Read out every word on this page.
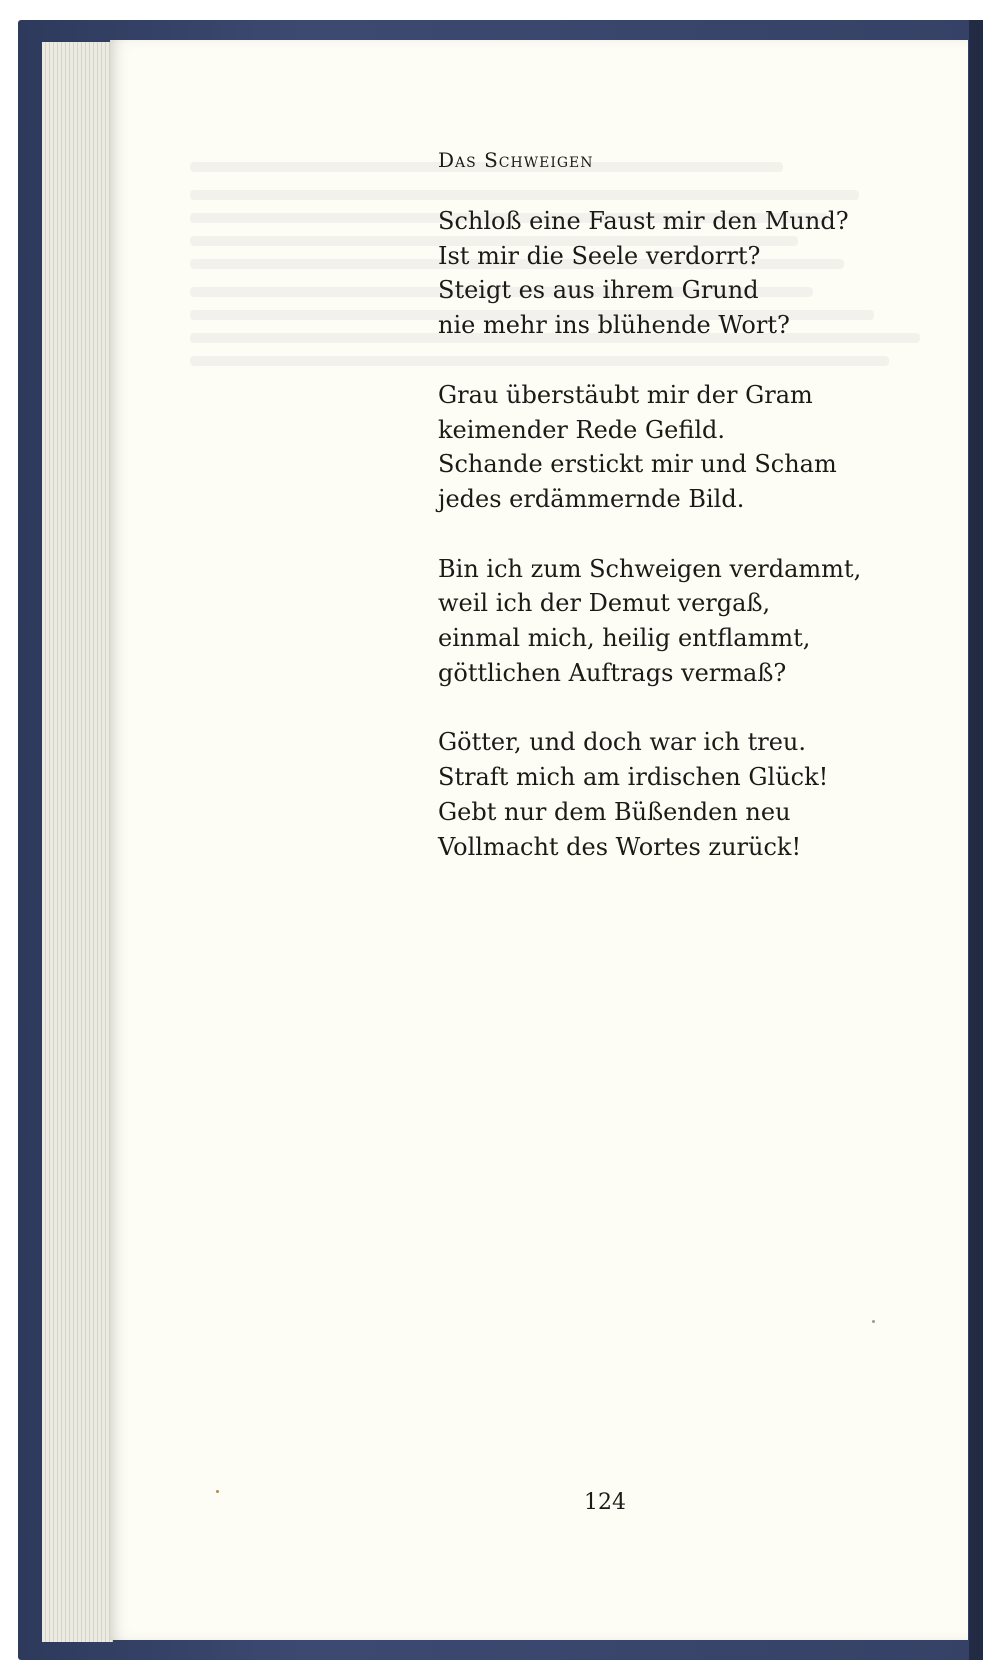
Das Schweigen
Schloß eine Faust mir den Mund?
Ist mir die Seele verdorrt?
Steigt es aus ihrem Grund
nie mehr ins blühende Wort?
Grau überstäubt mir der Gram
keimender Rede Gefild.
Schande erstickt mir und Scham
jedes erdämmernde Bild.
Bin ich zum Schweigen verdammt,
weil ich der Demut vergaß,
einmal mich, heilig entflammt,
göttlichen Auftrags vermaß?
Götter, und doch war ich treu.
Straft mich am irdischen Glück!
Gebt nur dem Büßenden neu
Vollmacht des Wortes zurück!
124
